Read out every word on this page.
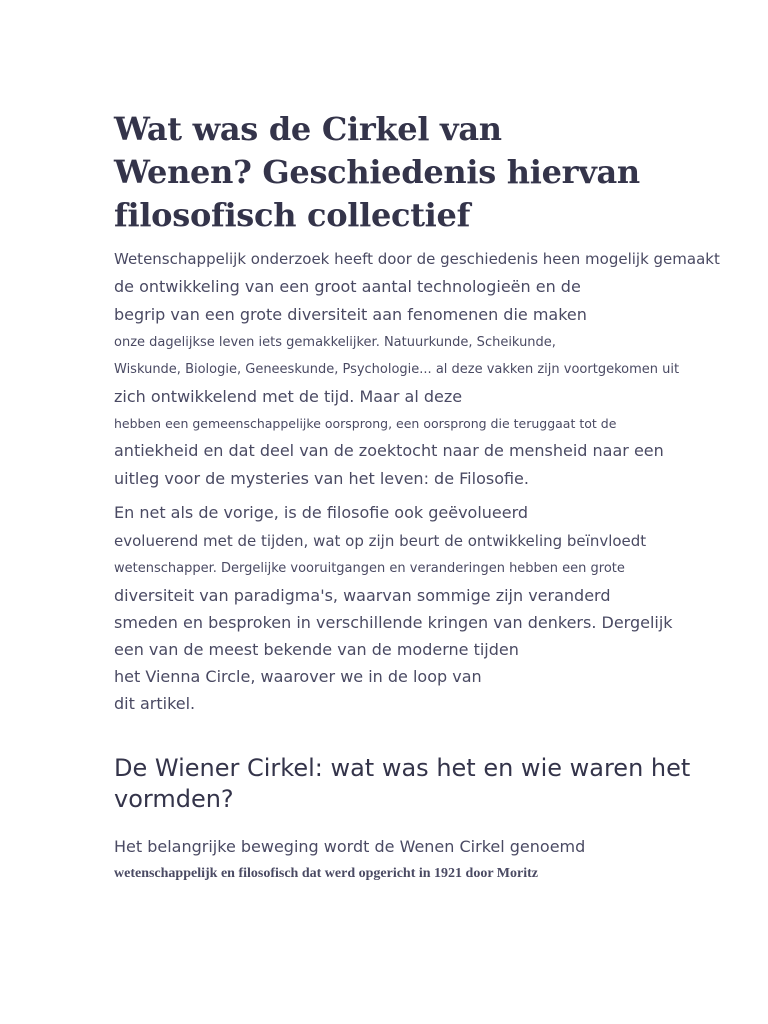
Wat was de Cirkel van
Wenen? Geschiedenis hiervan
filosofisch collectief

Wetenschappelijk onderzoek heeft door de geschiedenis heen mogelijk gemaakt
de ontwikkeling van een groot aantal technologieën en de
begrip van een grote diversiteit aan fenomenen die maken
onze dagelijkse leven iets gemakkelijker. Natuurkunde, Scheikunde,
Wiskunde, Biologie, Geneeskunde, Psychologie... al deze vakken zijn voortgekomen uit
zich ontwikkelend met de tijd. Maar al deze
hebben een gemeenschappelijke oorsprong, een oorsprong die teruggaat tot de
antiekheid en dat deel van de zoektocht naar de mensheid naar een
uitleg voor de mysteries van het leven: de Filosofie.

En net als de vorige, is de filosofie ook geëvolueerd
evoluerend met de tijden, wat op zijn beurt de ontwikkeling beïnvloedt
wetenschapper. Dergelijke vooruitgangen en veranderingen hebben een grote
diversiteit van paradigma's, waarvan sommige zijn veranderd
smeden en besproken in verschillende kringen van denkers. Dergelijk
een van de meest bekende van de moderne tijden
het Vienna Circle, waarover we in de loop van
dit artikel.

De Wiener Cirkel: wat was het en wie waren het
vormden?

Het belangrijke beweging wordt de Wenen Cirkel genoemd
wetenschappelijk en filosofisch dat werd opgericht in 1921 door Moritz
